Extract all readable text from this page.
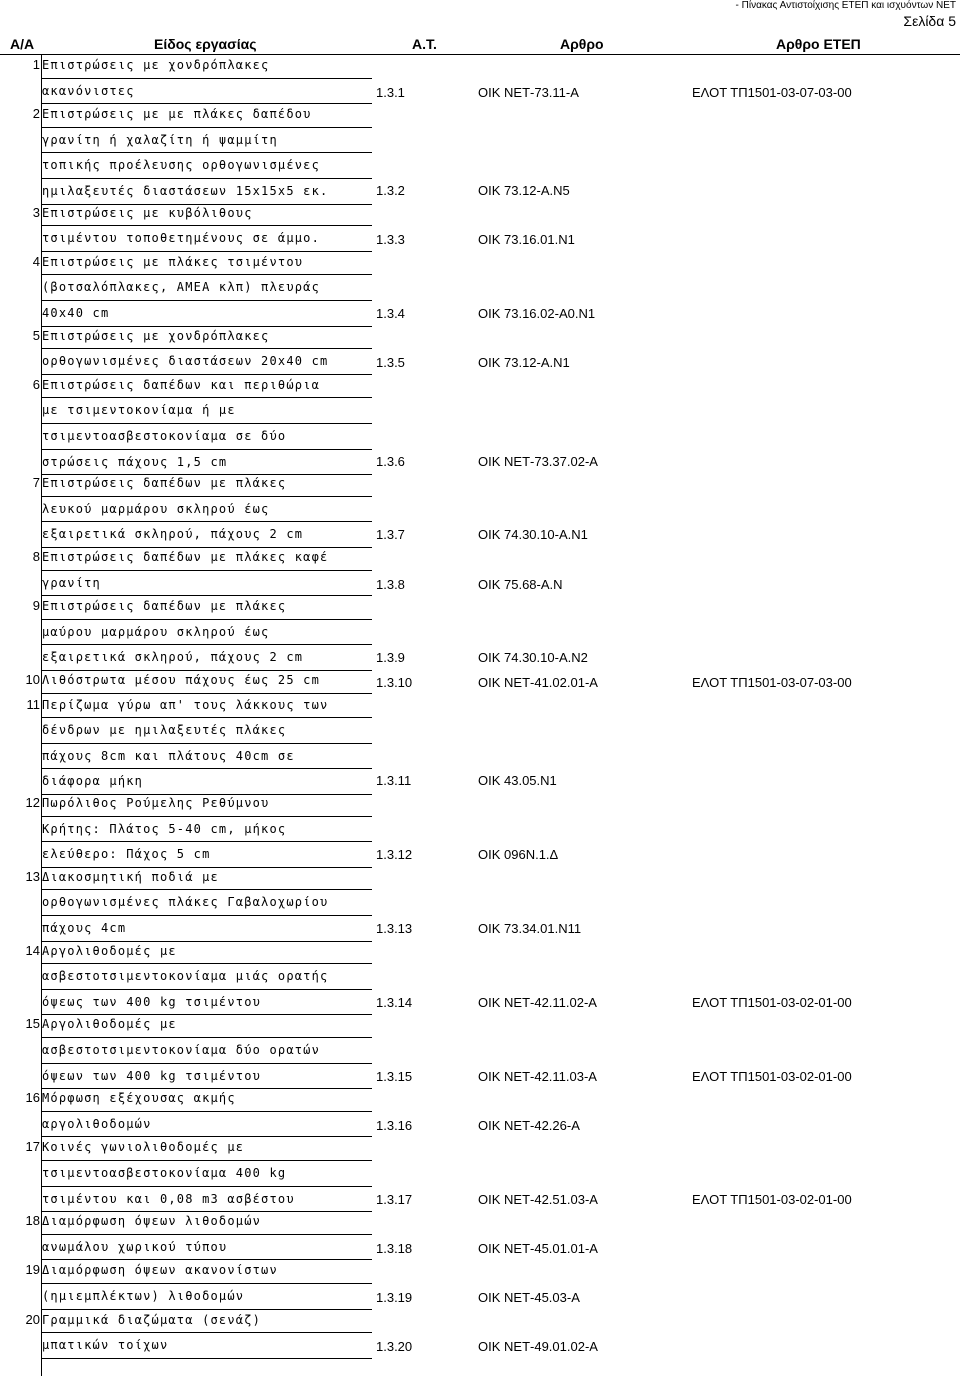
- Πίνακας Αντιστοίχισης ΕΤΕΠ και ισχυόντων ΝΕΤ
Σελίδα 5
Α/Α	Είδος εργασίας	Α.Τ.	Αρθρο	Αρθρο ΕΤΕΠ
1 Επιστρώσεις με χονδρόπλακες
ακανόνιστες	1.3.1	ΟΙΚ ΝΕΤ-73.11-Α	ΕΛΟΤ ΤΠ1501-03-07-03-00
2 Επιστρώσεις με με πλάκες δαπέδου
γρανίτη ή χαλαζίτη ή ψαμμίτη
τοπικής προέλευσης ορθογωνισμένες
ημιλαξευτές διαστάσεων 15x15x5 εκ.	1.3.2	ΟΙΚ 73.12-Α.Ν5
3 Επιστρώσεις με κυβόλιθους
τσιμέντου τοποθετημένους σε άμμο.	1.3.3	ΟΙΚ 73.16.01.Ν1
4 Επιστρώσεις με πλάκες τσιμέντου
(βοτσαλόπλακες, ΑΜΕΑ κλπ) πλευράς
40x40 cm	1.3.4	ΟΙΚ 73.16.02-Α0.Ν1
5 Επιστρώσεις με χονδρόπλακες
ορθογωνισμένες διαστάσεων 20x40 cm	1.3.5	ΟΙΚ 73.12-Α.Ν1
6 Επιστρώσεις δαπέδων και περιθώρια
με τσιμεντοκονίαμα ή με
τσιμεντοασβεστοκονίαμα σε δύο
στρώσεις πάχους 1,5 cm	1.3.6	ΟΙΚ ΝΕΤ-73.37.02-Α
7 Επιστρώσεις δαπέδων με πλάκες
λευκού μαρμάρου σκληρού έως
εξαιρετικά σκληρού, πάχους 2 cm	1.3.7	ΟΙΚ 74.30.10-Α.Ν1
8 Επιστρώσεις δαπέδων με πλάκες καφέ
γρανίτη	1.3.8	ΟΙΚ 75.68-Α.Ν
9 Επιστρώσεις δαπέδων με πλάκες
μαύρου μαρμάρου σκληρού έως
εξαιρετικά σκληρού, πάχους 2 cm	1.3.9	ΟΙΚ 74.30.10-Α.Ν2
10 Λιθόστρωτα μέσου πάχους έως 25 cm	1.3.10	ΟΙΚ ΝΕΤ-41.02.01-Α	ΕΛΟΤ ΤΠ1501-03-07-03-00
11 Περίζωμα γύρω απ' τους λάκκους των
δένδρων με ημιλαξευτές πλάκες
πάχους 8cm και πλάτους 40cm σε
διάφορα μήκη	1.3.11	ΟΙΚ 43.05.Ν1
12 Πωρόλιθος Ρούμελης Ρεθύμνου
Κρήτης: Πλάτος 5-40 cm, μήκος
ελεύθερο: Πάχος 5 cm	1.3.12	ΟΙΚ 096Ν.1.Δ
13 Διακοσμητική ποδιά με
ορθογωνισμένες πλάκες Γαβαλοχωρίου
πάχους 4cm	1.3.13	ΟΙΚ 73.34.01.Ν11
14 Αργολιθοδομές με
ασβεστοτσιμεντοκονίαμα μιάς ορατής
όψεως των 400 kg τσιμέντου	1.3.14	ΟΙΚ ΝΕΤ-42.11.02-Α	ΕΛΟΤ ΤΠ1501-03-02-01-00
15 Αργολιθοδομές με
ασβεστοτσιμεντοκονίαμα δύο ορατών
όψεων των 400 kg τσιμέντου	1.3.15	ΟΙΚ ΝΕΤ-42.11.03-Α	ΕΛΟΤ ΤΠ1501-03-02-01-00
16 Μόρφωση εξέχουσας ακμής
αργολιθοδομών	1.3.16	ΟΙΚ ΝΕΤ-42.26-Α
17 Κοινές γωνιολιθοδομές με
τσιμεντοασβεστοκονίαμα 400 kg
τσιμέντου και 0,08 m3 ασβέστου	1.3.17	ΟΙΚ ΝΕΤ-42.51.03-Α	ΕΛΟΤ ΤΠ1501-03-02-01-00
18 Διαμόρφωση όψεων λιθοδομών
ανωμάλου χωρικού τύπου	1.3.18	ΟΙΚ ΝΕΤ-45.01.01-Α
19 Διαμόρφωση όψεων ακανονίστων
(ημιεμπλέκτων) λιθοδομών	1.3.19	ΟΙΚ ΝΕΤ-45.03-Α
20 Γραμμικά διαζώματα (σενάζ)
μπατικών τοίχων	1.3.20	ΟΙΚ ΝΕΤ-49.01.02-Α
